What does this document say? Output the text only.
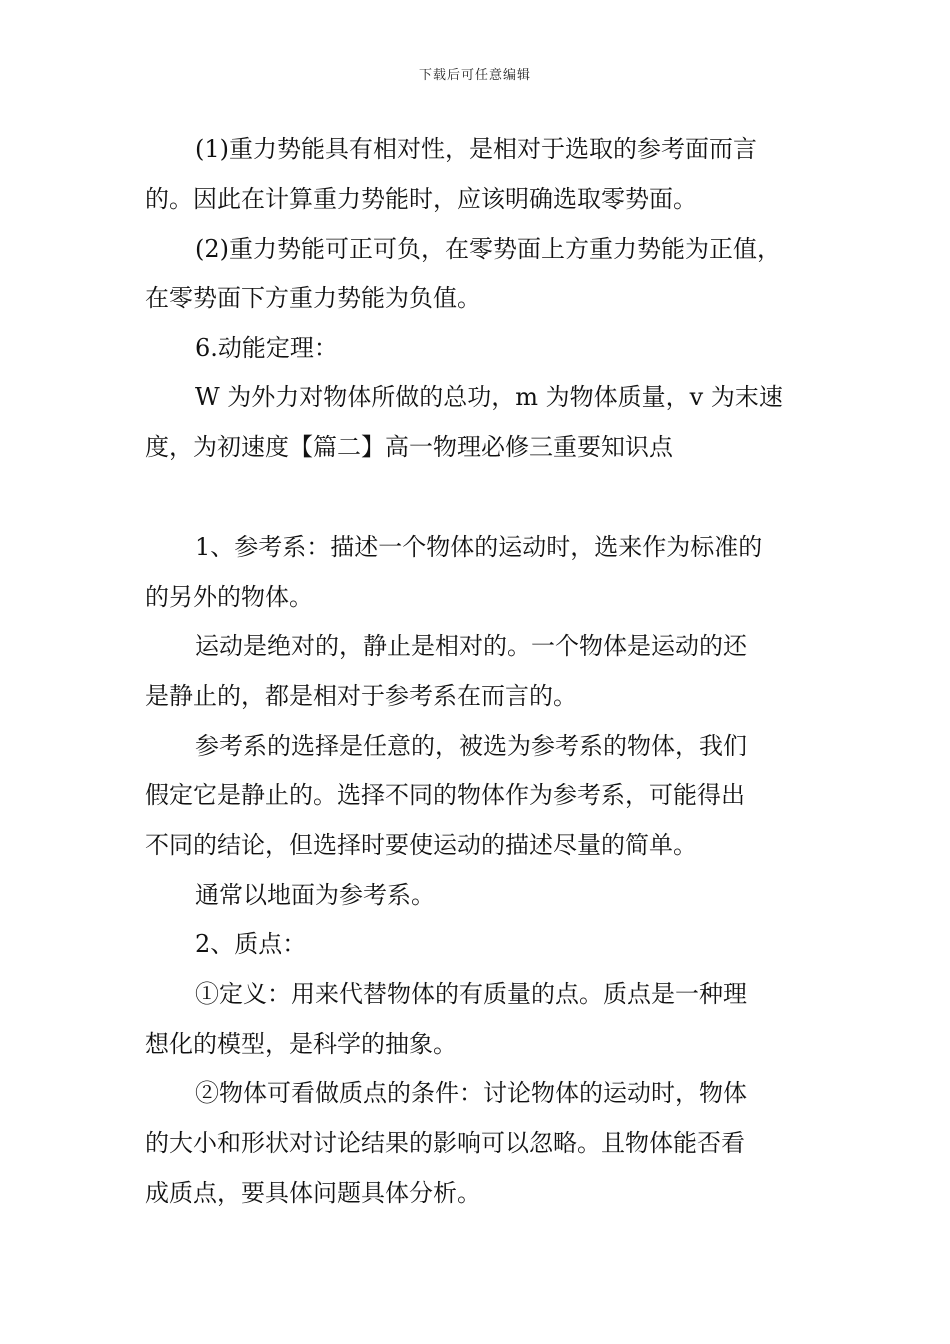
下载后可任意编辑
(1)重力势能具有相对性，是相对于选取的参考面而言
的。因此在计算重力势能时，应该明确选取零势面。
(2)重力势能可正可负，在零势面上方重力势能为正值，
在零势面下方重力势能为负值。
6.动能定理：
W 为外力对物体所做的总功，m 为物体质量，v 为末速
度，为初速度【篇二】高一物理必修三重要知识点
1、参考系：描述一个物体的运动时，选来作为标准的
的另外的物体。
运动是绝对的，静止是相对的。一个物体是运动的还
是静止的，都是相对于参考系在而言的。
参考系的选择是任意的，被选为参考系的物体，我们
假定它是静止的。选择不同的物体作为参考系，可能得出
不同的结论，但选择时要使运动的描述尽量的简单。
通常以地面为参考系。
2、质点：
①定义：用来代替物体的有质量的点。质点是一种理
想化的模型，是科学的抽象。
②物体可看做质点的条件：讨论物体的运动时，物体
的大小和形状对讨论结果的影响可以忽略。且物体能否看
成质点，要具体问题具体分析。
